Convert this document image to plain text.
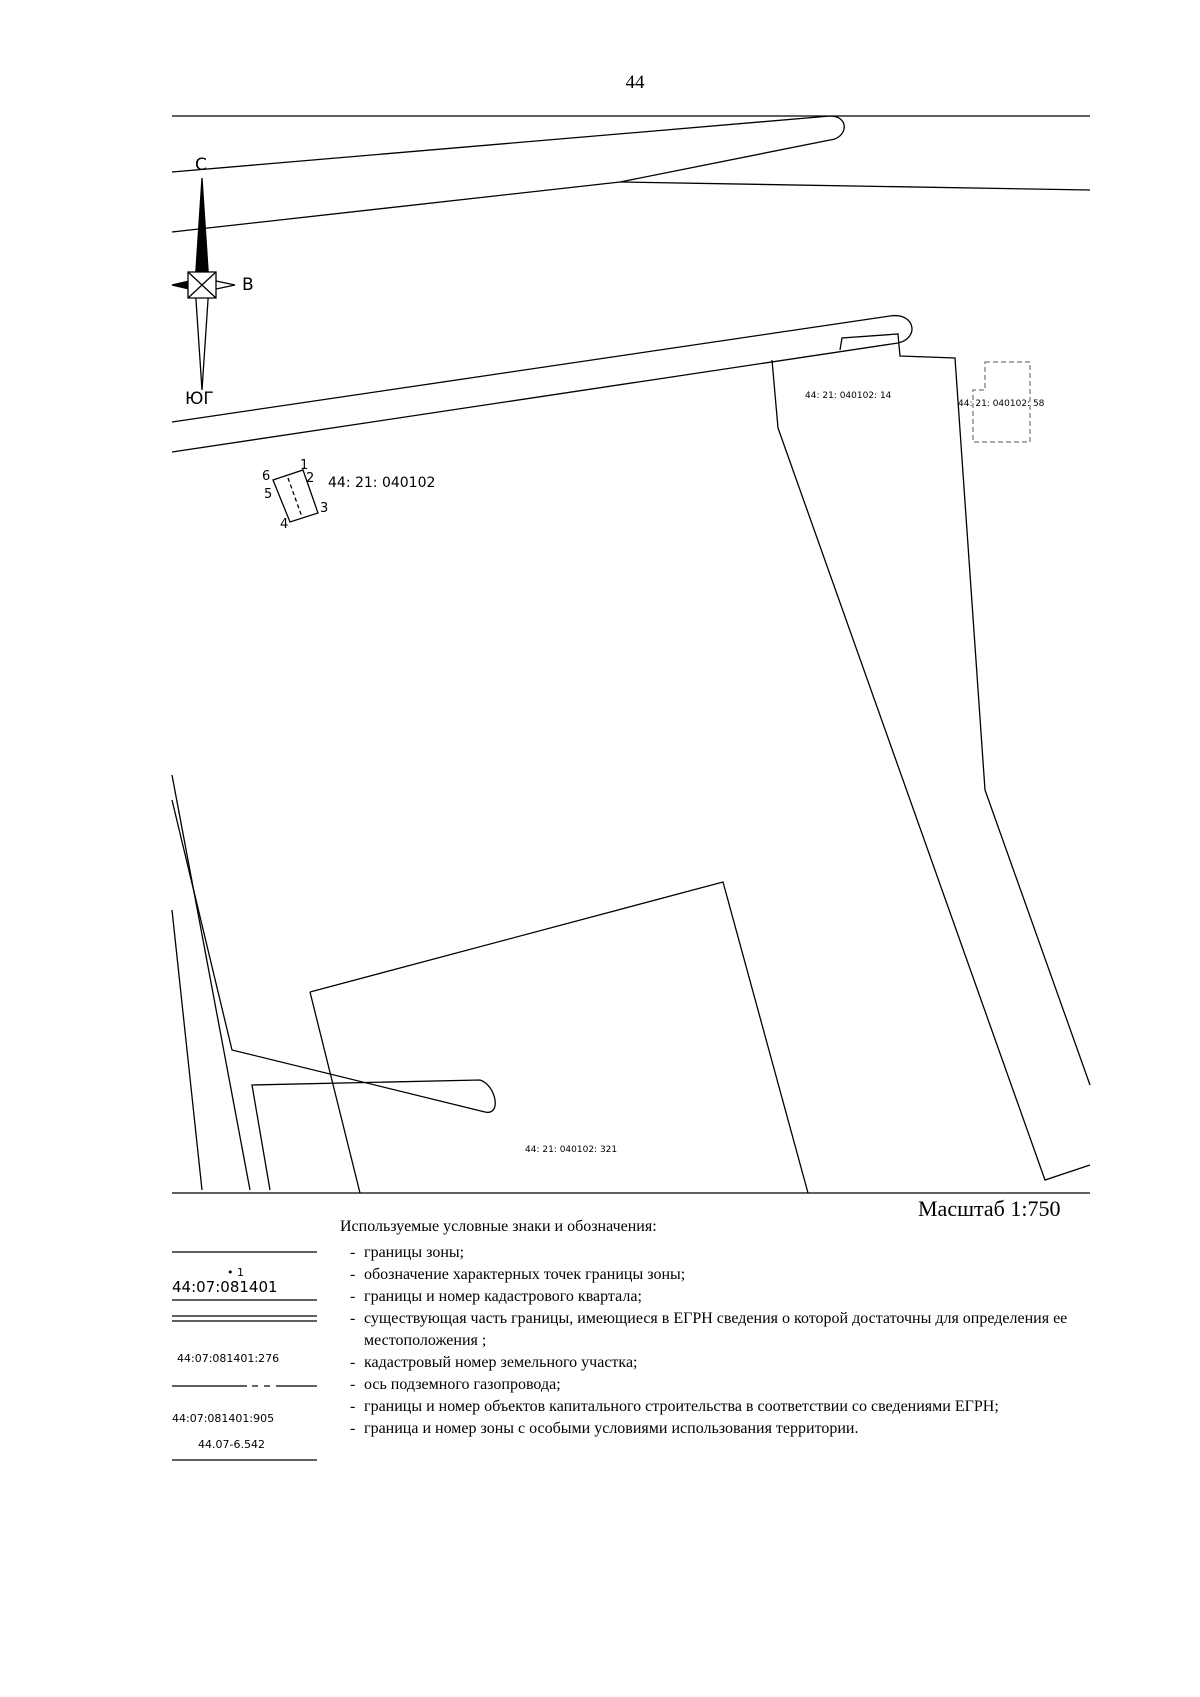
44
С
В
ЮГ
44: 21: 040102
44: 21: 040102: 14
44: 21: 040102: 58
44: 21: 040102: 321
1
2
3
4
5
6
Масштаб 1:750
Используемые условные знаки и обозначения:
- границы зоны;
- обозначение характерных точек границы зоны;
- границы и номер кадастрового квартала;
- существующая часть границы, имеющиеся в ЕГРН сведения о которой достаточны для определения ее местоположения ;
- кадастровый номер земельного участка;
- ось подземного газопровода;
- границы и номер объектов капитального строительства в соответствии со сведениями ЕГРН;
- граница и номер зоны с особыми условиями использования территории.
• 1
44:07:081401
44:07:081401:276
44:07:081401:905
44.07-6.542
